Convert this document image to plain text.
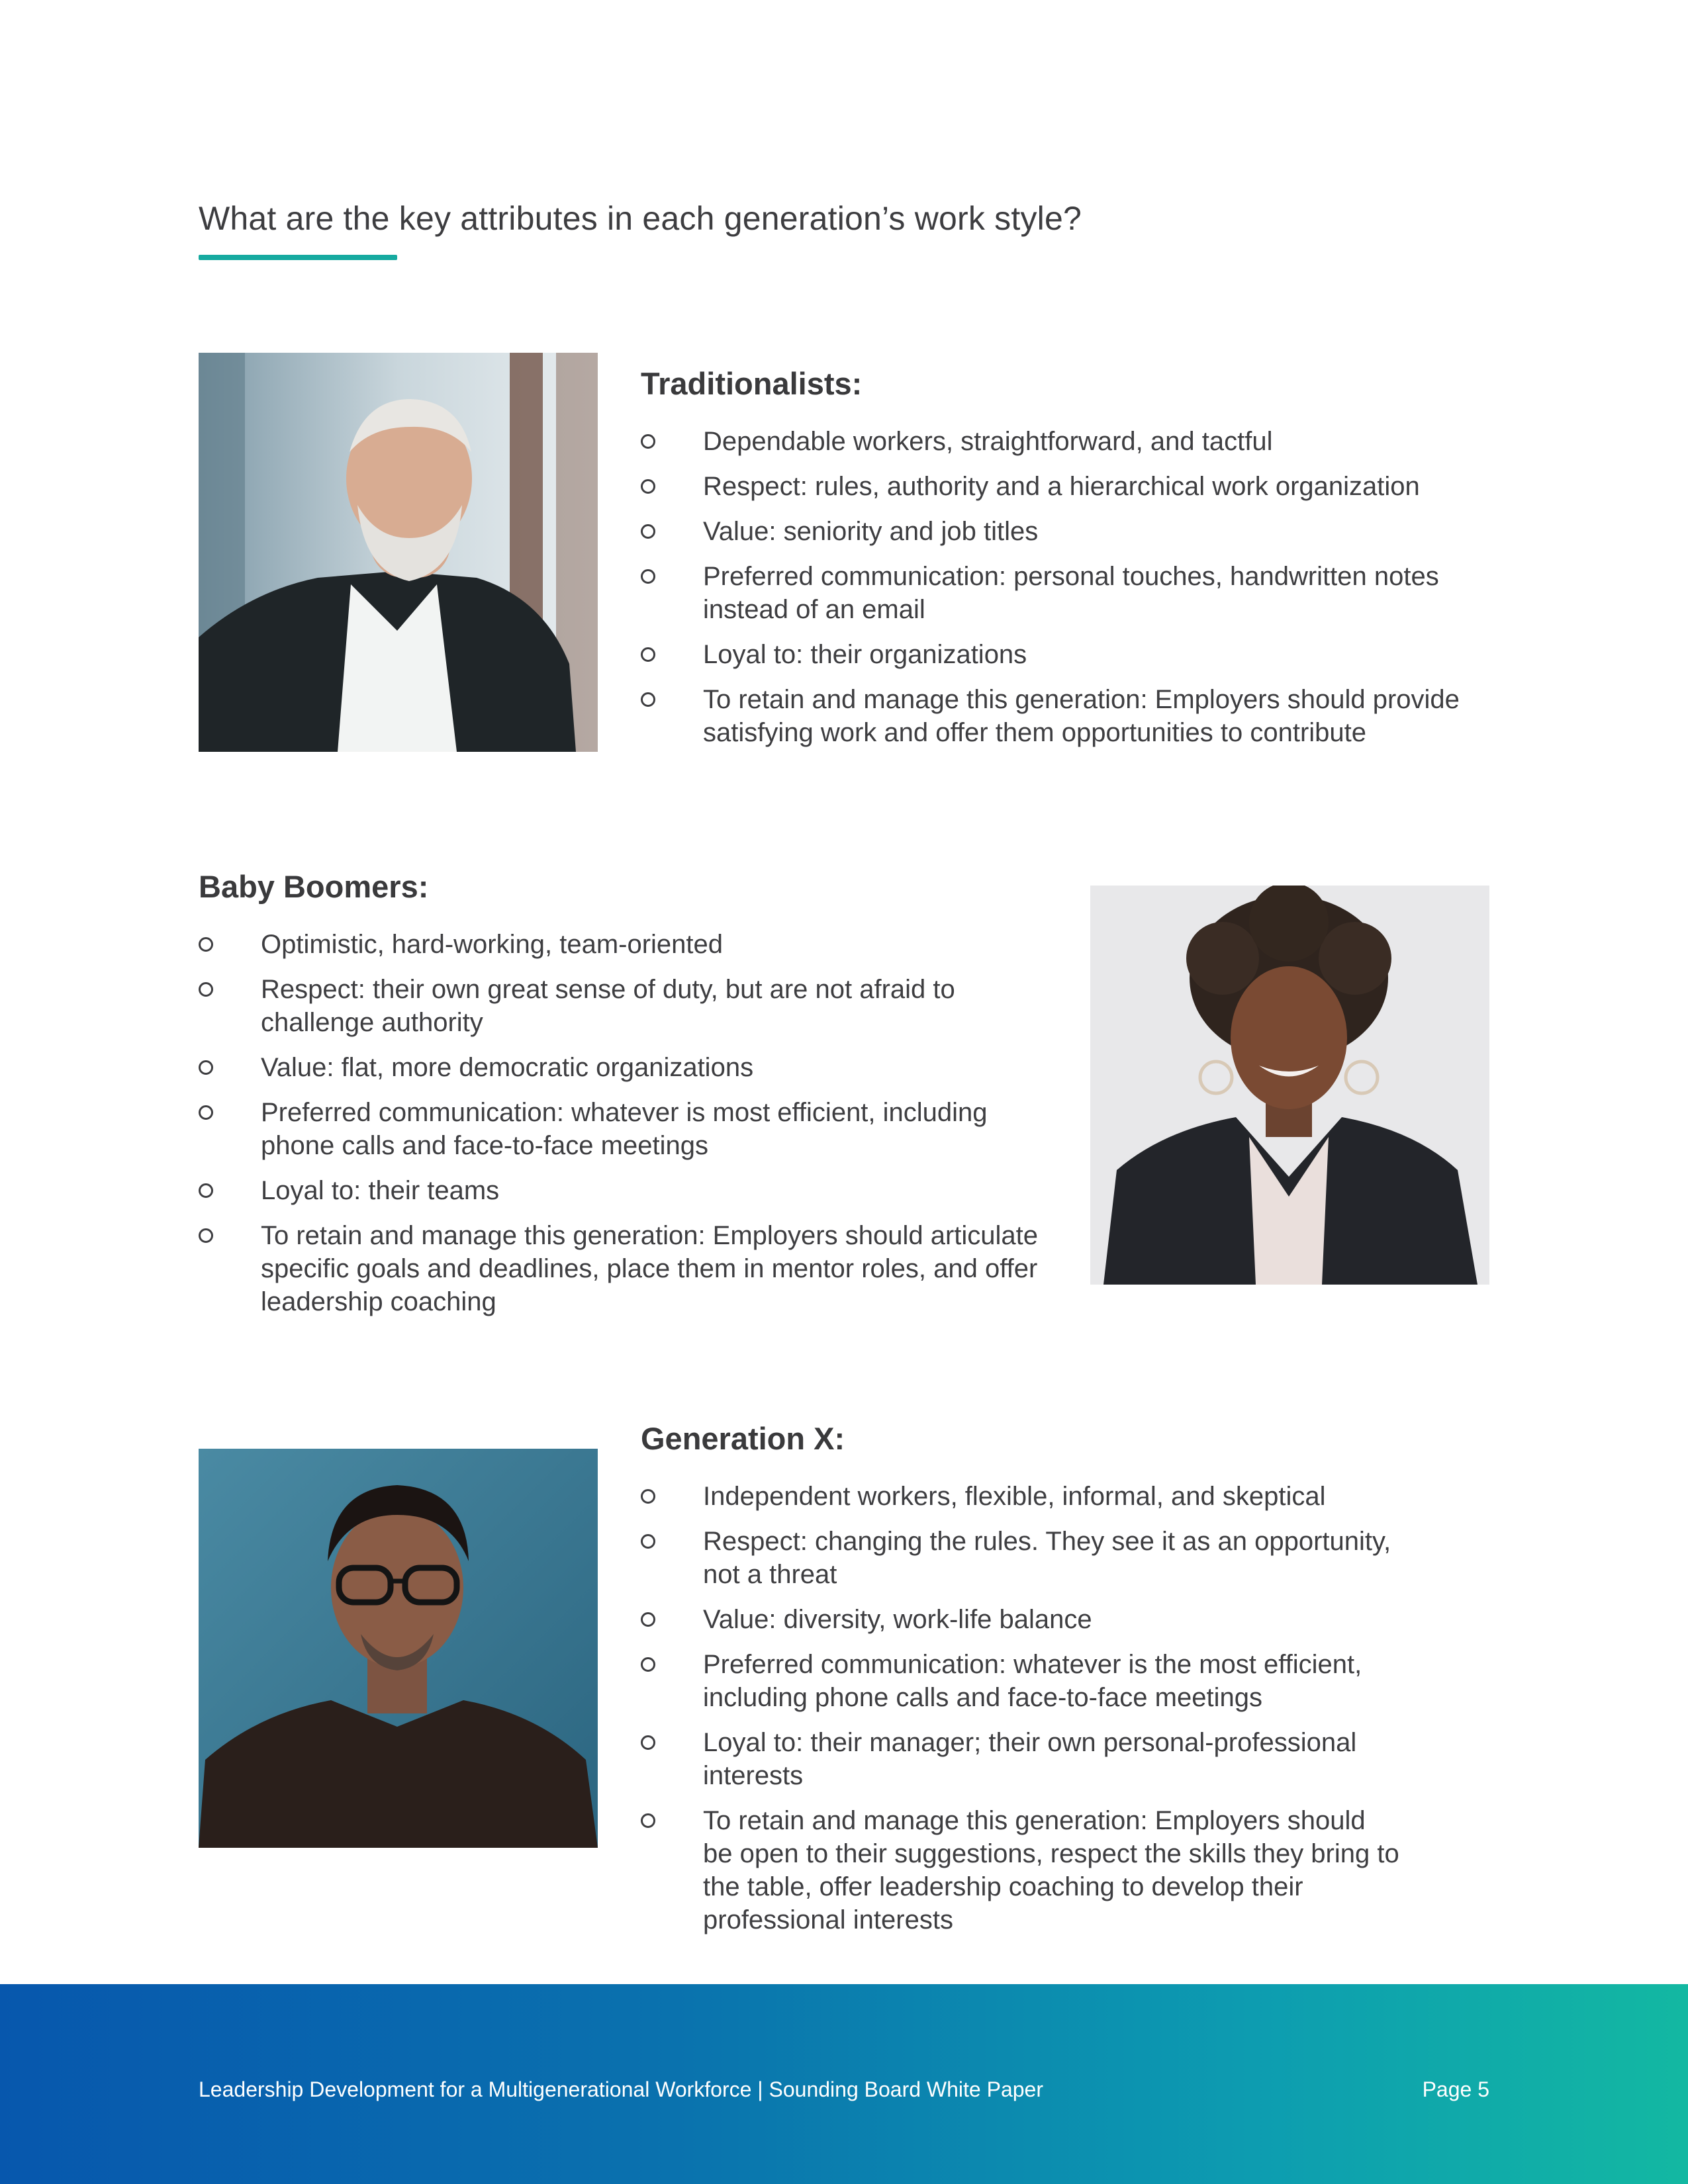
What are the key attributes in each generation’s work style?
Traditionalists:
Dependable workers, straightforward, and tactful
Respect: rules, authority and a hierarchical work organization
Value: seniority and job titles
Preferred communication: personal touches, handwritten notes instead of an email
Loyal to: their organizations
To retain and manage this generation: Employers should provide satisfying work and offer them opportunities to contribute
Baby Boomers:
Optimistic, hard-working, team-oriented
Respect: their own great sense of duty, but are not afraid to challenge authority
Value: flat, more democratic organizations
Preferred communication: whatever is most efficient, including phone calls and face-to-face meetings
Loyal to: their teams
To retain and manage this generation: Employers should articulate specific goals and deadlines, place them in mentor roles, and offer leadership coaching
Generation X:
Independent workers, flexible, informal, and skeptical
Respect: changing the rules. They see it as an opportunity, not a threat
Value: diversity, work-life balance
Preferred communication: whatever is the most efficient, including phone calls and face-to-face meetings
Loyal to: their manager; their own personal-professional interests
To retain and manage this generation: Employers should be open to their suggestions, respect the skills they bring to the table, offer leadership coaching to develop their professional interests
Leadership Development for a Multigenerational Workforce | Sounding Board White Paper	Page 5
